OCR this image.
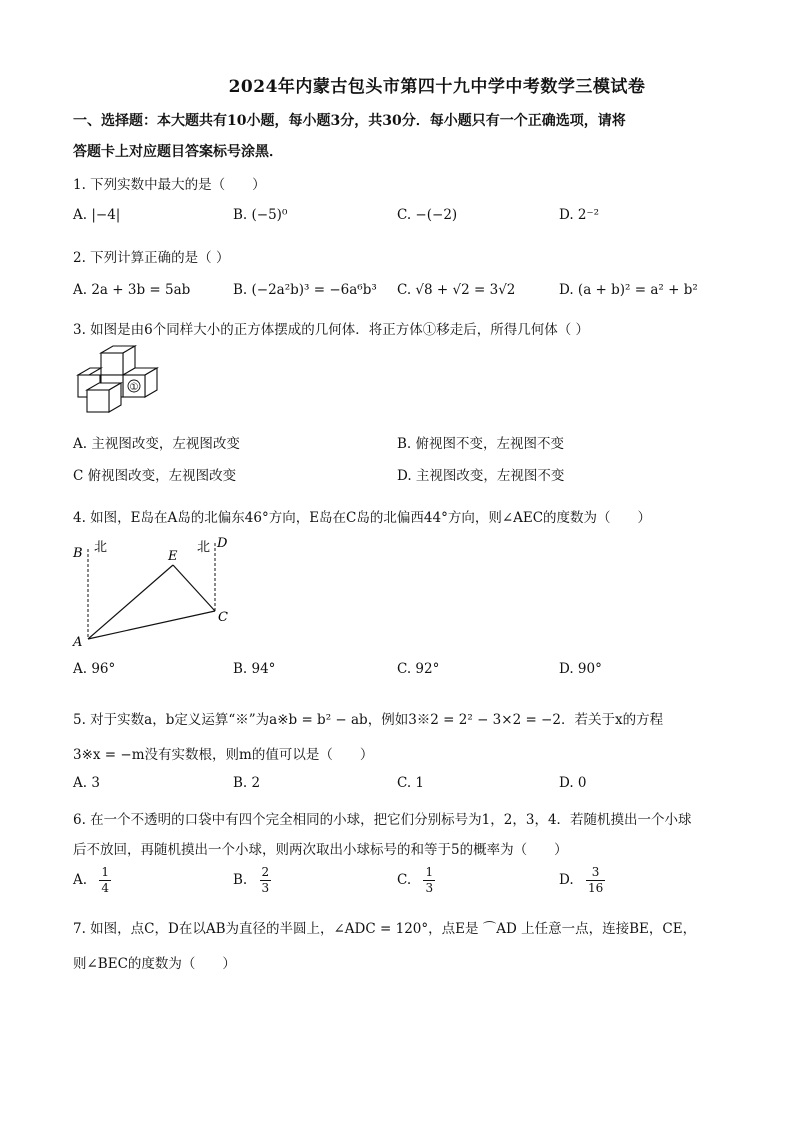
2024年内蒙古包头市第四十九中学中考数学三模试卷
一、选择题：本大题共有10小题，每小题3分，共30分．每小题只有一个正确选项，请将
答题卡上对应题目答案标号涂黑．
1. 下列实数中最大的是（　　）
A. |−4|	B. (−5)⁰	C. −(−2)	D. 2⁻²
2. 下列计算正确的是（ ）
A. 2a + 3b = 5ab	B. (−2a²b)³ = −6a⁶b³ C. √8 + √2 = 3√2	D. (a + b)² = a² + b²
3. 如图是由6个同样大小的正方体摆成的几何体．将正方体①移走后，所得几何体（ ）
①
A. 主视图改变，左视图改变	B. 俯视图不变，左视图不变
C 俯视图改变，左视图改变	D. 主视图改变，左视图不变
4. 如图，E岛在A岛的北偏东46°方向，E岛在C岛的北偏西44°方向，则∠AEC的度数为（　　）
B 北
E
北 D
A
C
A. 96°	B. 94°	C. 92°	D. 90°
5. 对于实数a，b定义运算“※”为a※b = b² − ab，例如3※2 = 2² − 3×2 = −2．若关于x的方程
3※x = −m没有实数根，则m的值可以是（　　）
A. 3	B. 2	C. 1	D. 0
6. 在一个不透明的口袋中有四个完全相同的小球，把它们分别标号为1，2，3，4．若随机摸出一个小球
后不放回，再随机摸出一个小球，则两次取出小球标号的和等于5的概率为（　　）
A. $\frac{1}{4}$	B. $\frac{2}{3}$	C. $\frac{1}{3}$	D. $\frac{3}{16}$
7. 如图，点C，D在以AB为直径的半圆上，∠ADC = 120°，点E是 ⌒AD 上任意一点，连接BE，CE，
则∠BEC的度数为（　　）
